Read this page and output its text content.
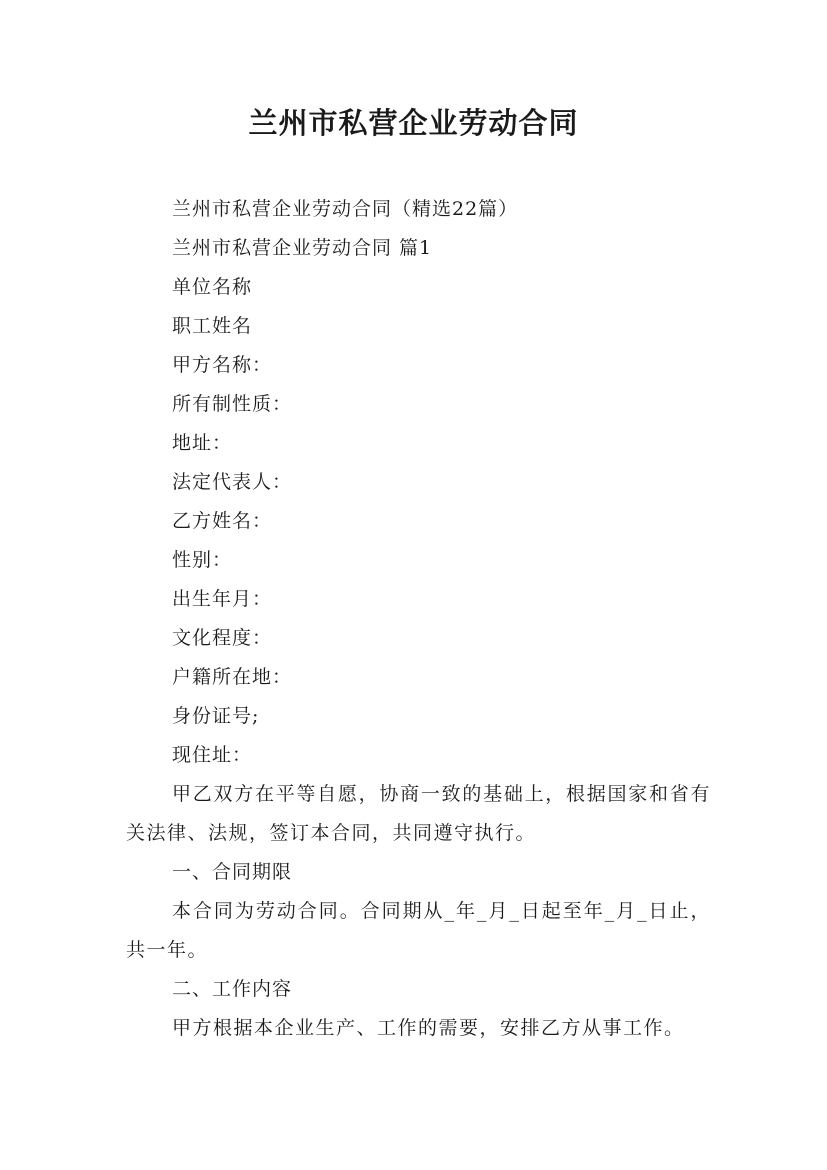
兰州市私营企业劳动合同
兰州市私营企业劳动合同（精选22篇）
兰州市私营企业劳动合同 篇1
单位名称
职工姓名
甲方名称：
所有制性质：
地址：
法定代表人：
乙方姓名：
性别：
出生年月：
文化程度：
户籍所在地：
身份证号;
现住址：
甲乙双方在平等自愿，协商一致的基础上，根据国家和省有关法律、法规，签订本合同，共同遵守执行。
一、合同期限
本合同为劳动合同。合同期从_年_月_日起至年_月_日止，共一年。
二、工作内容
甲方根据本企业生产、工作的需要，安排乙方从事工作。
